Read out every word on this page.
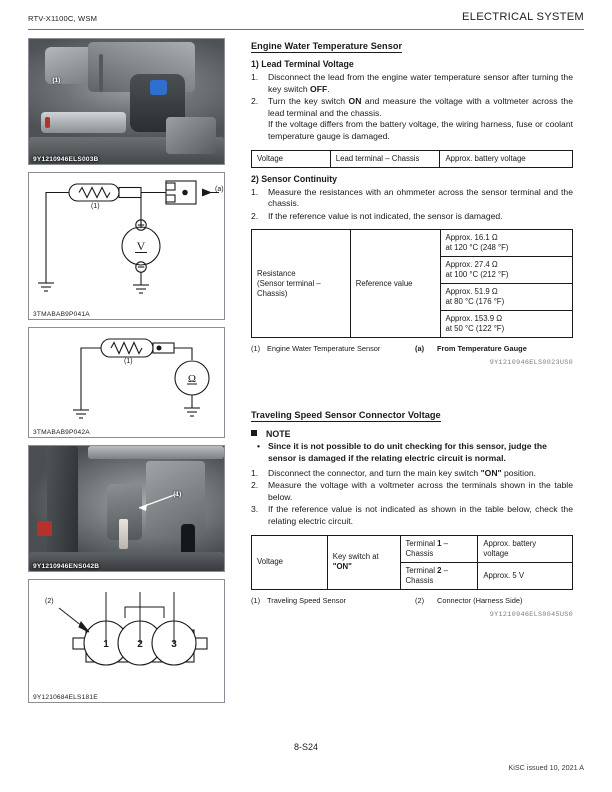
RTV-X1100C, WSM	ELECTRICAL SYSTEM
(1)
9Y1210946ELS003B
V
(1)
(a)
3TMABAB9P041A
Ω
(1)
3TMABAB9P042A
(1)
9Y1210946ENS042B
1	2	3
(2)
9Y1210684ELS181E
Engine Water Temperature Sensor
1) Lead Terminal Voltage
1. Disconnect the lead from the engine water temperature sensor after turning the key switch OFF.
2. Turn the key switch ON and measure the voltage with a voltmeter across the lead terminal and the chassis.
If the voltage differs from the battery voltage, the wiring harness, fuse or coolant temperature gauge is damaged.
Voltage	Lead terminal – Chassis	Approx. battery voltage
2) Sensor Continuity
1. Measure the resistances with an ohmmeter across the sensor terminal and the chassis.
2. If the reference value is not indicated, the sensor is damaged.
Resistance
(Sensor terminal –
Chassis)	Reference value	Approx. 16.1 Ω
at 120 °C (248 °F)
Approx. 27.4 Ω
at 100 °C (212 °F)
Approx. 51.9 Ω
at 80 °C (176 °F)
Approx. 153.9 Ω
at 50 °C (122 °F)
(1) Engine Water Temperature Sensor	(a) From Temperature Gauge
9Y1210946ELS0023US0
Traveling Speed Sensor Connector Voltage
NOTE
• Since it is not possible to do unit checking for this sensor, judge the sensor is damaged if the relating electric circuit is normal.
1. Disconnect the connector, and turn the main key switch "ON" position.
2. Measure the voltage with a voltmeter across the terminals shown in the table below.
3. If the reference value is not indicated as shown in the table below, check the relating electric circuit.
Voltage	Key switch at
"ON"	Terminal 1 –
Chassis	Approx. battery
voltage
		Terminal 2 –
Chassis	Approx. 5 V
(1) Traveling Speed Sensor	(2) Connector (Harness Side)
9Y1210946ELS0045US0
8-S24
KiSC issued 10, 2021 A
